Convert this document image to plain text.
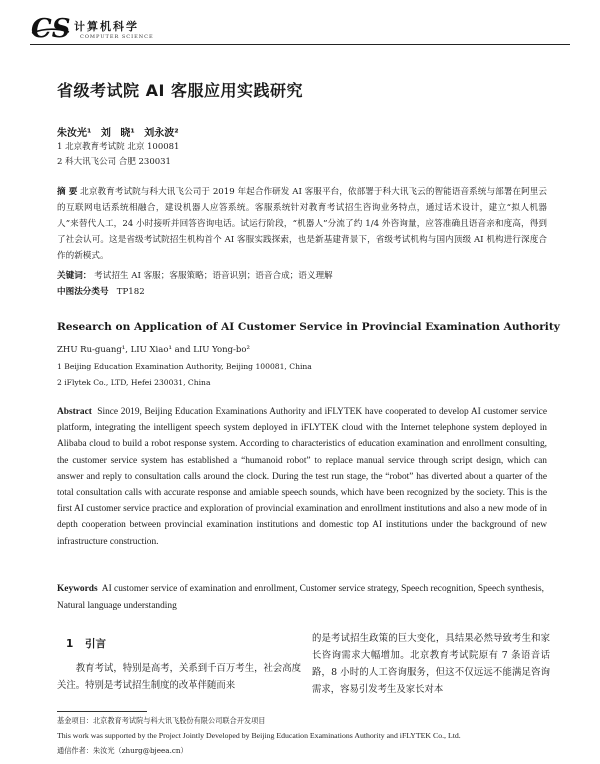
CS 计算机科学
COMPUTER SCIENCE
省级考试院 AI 客服应用实践研究
朱汝光¹ 刘 晓¹ 刘永波²
1 北京教育考试院 北京 100081
2 科大讯飞公司 合肥 230031
摘 要 北京教育考试院与科大讯飞公司于 2019 年起合作研发 AI 客服平台，依部署于科大讯飞云的智能语音系统与部署在阿里云的互联网电话系统相融合，建设机器人应答系统。客服系统针对教育考试招生咨询业务特点，通过话术设计，建立“拟人机器人”来替代人工，24 小时接听并回答咨询电话。试运行阶段，“机器人”分流了约 1/4 外咨询量，应答准确且语音亲和度高，得到了社会认可。这是省级考试院招生机构首个 AI 客服实践探索，也是新基建背景下，省级考试机构与国内顶级 AI 机构进行深度合作的新模式。
关键词： 考试招生 AI 客服；客服策略；语音识别；语音合成；语义理解
中图法分类号 TP182
Research on Application of AI Customer Service in Provincial Examination Authority
ZHU Ru-guang¹, LIU Xiao¹ and LIU Yong-bo²
1 Beijing Education Examination Authority, Beijing 100081, China
2 iFlytek Co., LTD, Hefei 230031, China
Abstract Since 2019, Beijing Education Examinations Authority and iFLYTEK have cooperated to develop AI customer service platform, integrating the intelligent speech system deployed in iFLYTEK cloud with the Internet telephone system deployed in Alibaba cloud to build a robot response system. According to characteristics of education examination and enrollment consulting, the customer service system has established a “humanoid robot” to replace manual service through script design, which can answer and reply to consultation calls around the clock. During the test run stage, the “robot” has diverted about a quarter of the total consultation calls with accurate response and amiable speech sounds, which have been recognized by the society. This is the first AI customer service practice and exploration of provincial examination and enrollment institutions and also a new mode of in depth cooperation between provincial examination institutions and domestic top AI institutions under the background of new infrastructure construction.
Keywords AI customer service of examination and enrollment, Customer service strategy, Speech recognition, Speech synthesis, Natural language understanding
1 引言

教育考试，特别是高考，关系到千百万考生，社会高度关注。特别是考试招生制度的改革伴随而来

的是考试招生政策的巨大变化，具结果必然导致考生和家长咨询需求大幅增加。北京教育考试院原有 7 条语音话路，8 小时的人工咨询服务，但这不仅远远不能满足咨询需求，容易引发考生及家长对本

基金项目：北京教育考试院与科大讯飞股份有限公司联合开发项目
This work was supported by the Project Jointly Developed by Beijing Education Examinations Authority and iFLYTEK Co., Ltd.
通信作者：朱汝光（zhurg@bjeea.cn）
